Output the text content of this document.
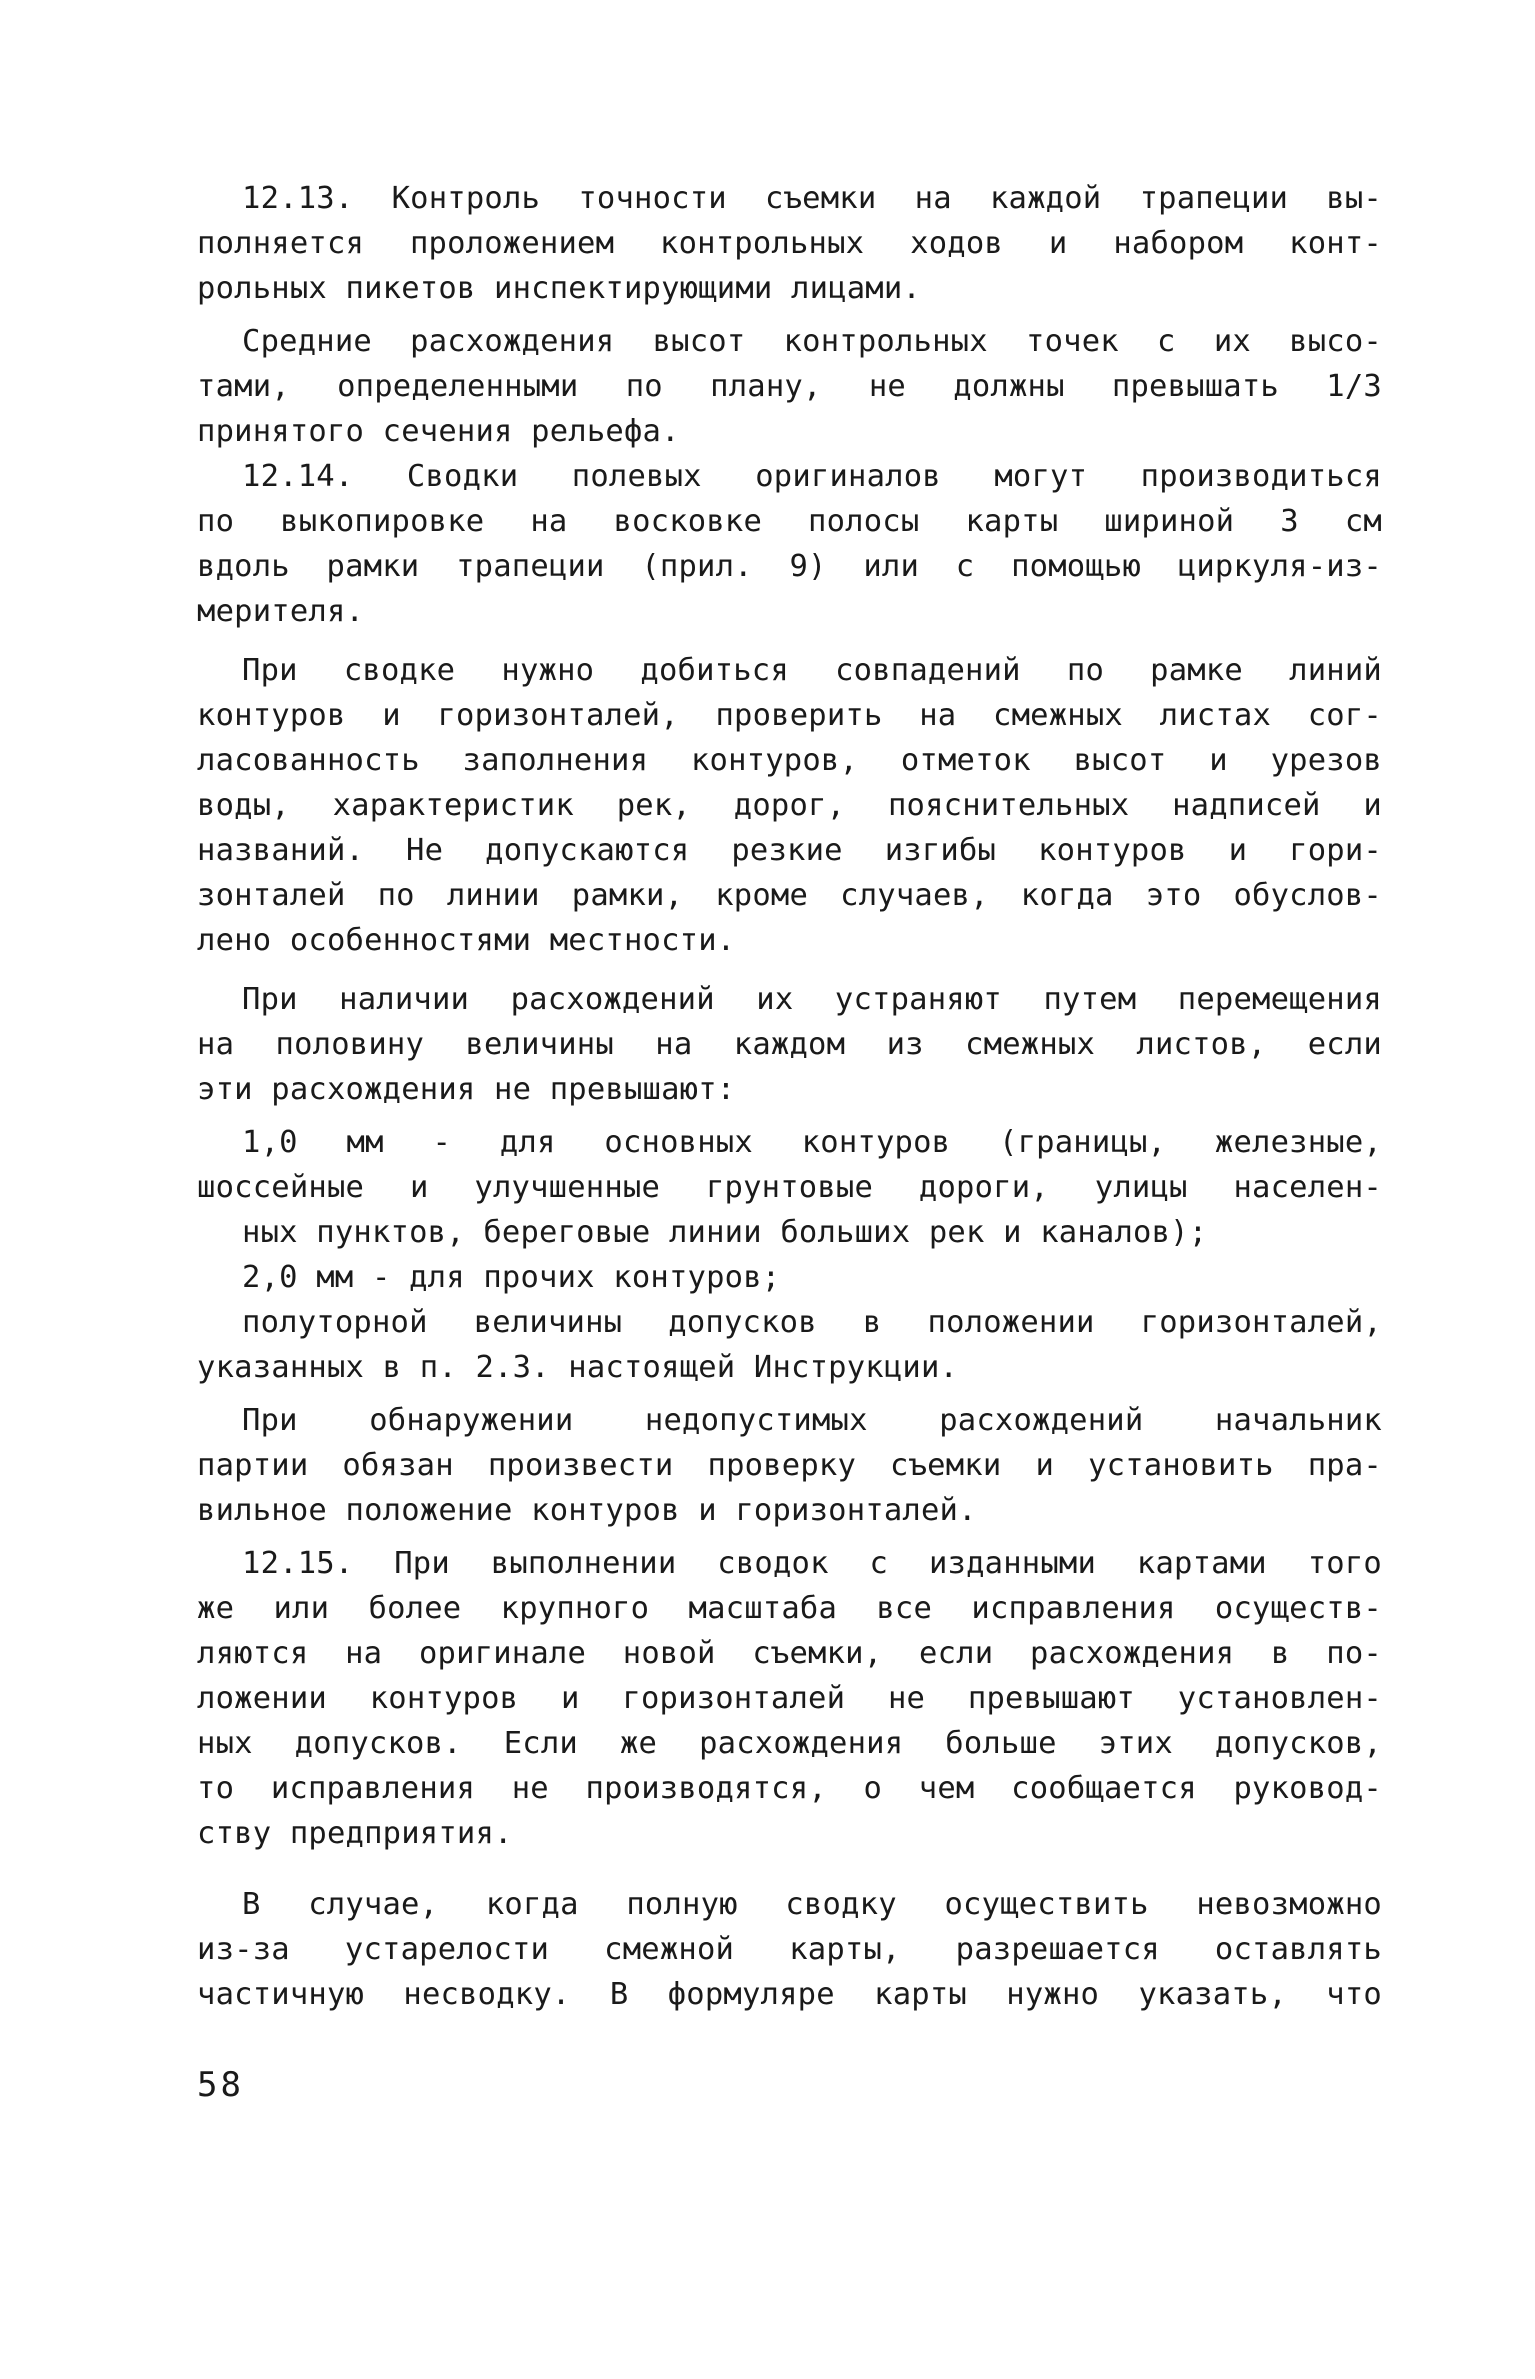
12.13. Контроль точности съемки на каждой трапеции вы-
полняется проложением контрольных ходов и набором конт-
рольных пикетов инспектирующими лицами.
Средние расхождения высот контрольных точек с их высо-
тами, определенными по плану, не должны превышать 1/3
принятого сечения рельефа.
12.14. Сводки полевых оригиналов могут производиться
по выкопировке на восковке полосы карты шириной 3 см
вдоль рамки трапеции (прил. 9) или с помощью циркуля-из-
мерителя.
При сводке нужно добиться совпадений по рамке линий
контуров и горизонталей, проверить на смежных листах сог-
ласованность заполнения контуров, отметок высот и урезов
воды, характеристик рек, дорог, пояснительных надписей и
названий. Не допускаются резкие изгибы контуров и гори-
зонталей по линии рамки, кроме случаев, когда это обуслов-
лено особенностями местности.
При наличии расхождений их устраняют путем перемещения
на половину величины на каждом из смежных листов, если
эти расхождения не превышают:
1,0 мм - для основных контуров (границы, железные,
шоссейные и улучшенные грунтовые дороги, улицы населен-
ных пунктов, береговые линии больших рек и каналов);
2,0 мм - для прочих контуров;
полуторной величины допусков в положении горизонталей,
указанных в п. 2.3. настоящей Инструкции.
При обнаружении недопустимых расхождений начальник
партии обязан произвести проверку съемки и установить пра-
вильное положение контуров и горизонталей.
12.15. При выполнении сводок с изданными картами того
же или более крупного масштаба все исправления осуществ-
ляются на оригинале новой съемки, если расхождения в по-
ложении контуров и горизонталей не превышают установлен-
ных допусков. Если же расхождения больше этих допусков,
то исправления не производятся, о чем сообщается руковод-
ству предприятия.
В случае, когда полную сводку осуществить невозможно
из-за устарелости смежной карты, разрешается оставлять
частичную несводку. В формуляре карты нужно указать, что
58
